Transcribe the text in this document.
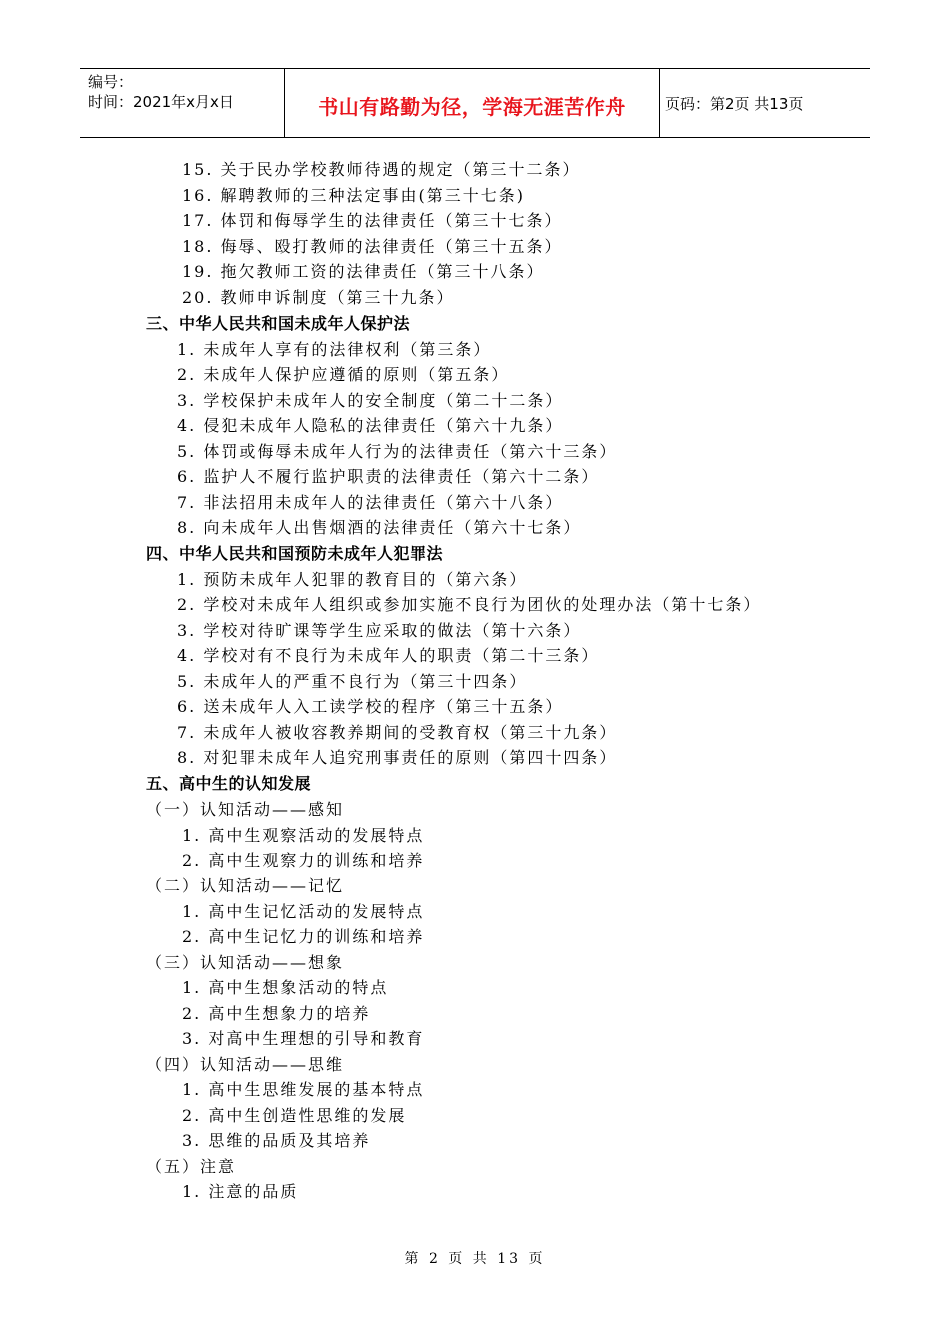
编号：
时间：2021年x月x日	书山有路勤为径，学海无涯苦作舟	页码：第2页 共13页
15. 关于民办学校教师待遇的规定（第三十二条）
16. 解聘教师的三种法定事由(第三十七条)
17. 体罚和侮辱学生的法律责任（第三十七条）
18. 侮辱、殴打教师的法律责任（第三十五条）
19. 拖欠教师工资的法律责任（第三十八条）
20. 教师申诉制度（第三十九条）
三、中华人民共和国未成年人保护法
1. 未成年人享有的法律权利（第三条）
2. 未成年人保护应遵循的原则（第五条）
3. 学校保护未成年人的安全制度（第二十二条）
4. 侵犯未成年人隐私的法律责任（第六十九条）
5. 体罚或侮辱未成年人行为的法律责任（第六十三条）
6. 监护人不履行监护职责的法律责任（第六十二条）
7. 非法招用未成年人的法律责任（第六十八条）
8. 向未成年人出售烟酒的法律责任（第六十七条）
四、中华人民共和国预防未成年人犯罪法
1. 预防未成年人犯罪的教育目的（第六条）
2. 学校对未成年人组织或参加实施不良行为团伙的处理办法（第十七条）
3. 学校对待旷课等学生应采取的做法（第十六条）
4. 学校对有不良行为未成年人的职责（第二十三条）
5. 未成年人的严重不良行为（第三十四条）
6. 送未成年人入工读学校的程序（第三十五条）
7. 未成年人被收容教养期间的受教育权（第三十九条）
8. 对犯罪未成年人追究刑事责任的原则（第四十四条）
五、高中生的认知发展
（一）认知活动——感知
1. 高中生观察活动的发展特点
2. 高中生观察力的训练和培养
（二）认知活动——记忆
1. 高中生记忆活动的发展特点
2. 高中生记忆力的训练和培养
（三）认知活动——想象
1. 高中生想象活动的特点
2. 高中生想象力的培养
3. 对高中生理想的引导和教育
（四）认知活动——思维
1. 高中生思维发展的基本特点
2. 高中生创造性思维的发展
3. 思维的品质及其培养
（五）注意
1. 注意的品质
第 2 页 共 13 页
